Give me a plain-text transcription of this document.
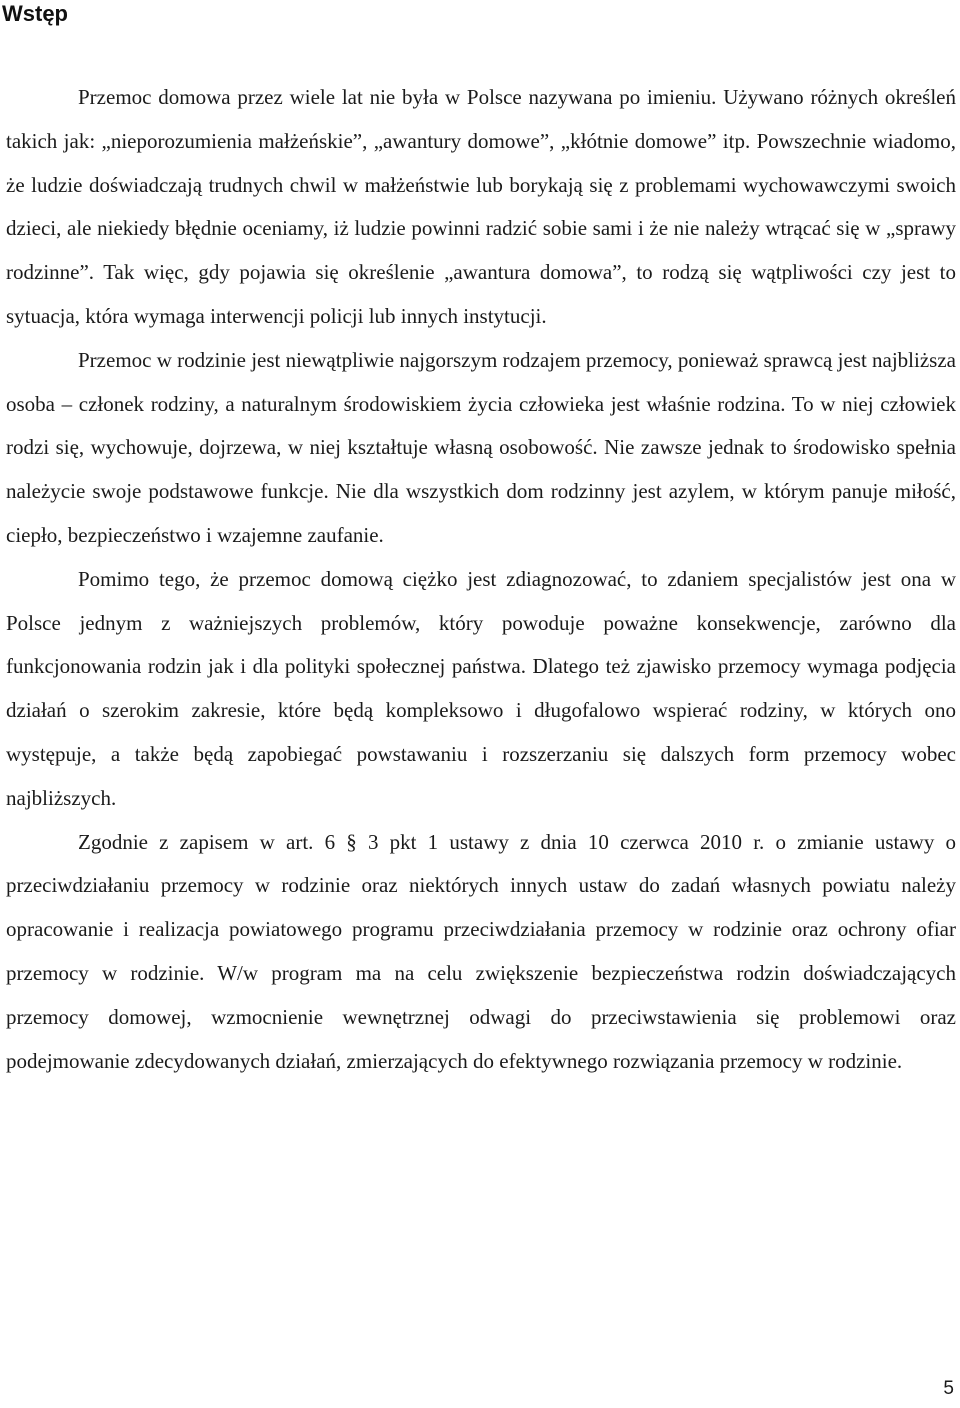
Wstęp

Przemoc domowa przez wiele lat nie była w Polsce nazywana po imieniu. Używano różnych określeń takich jak: „nieporozumienia małżeńskie”, „awantury domowe”, „kłótnie domowe” itp. Powszechnie wiadomo, że ludzie doświadczają trudnych chwil w małżeństwie lub borykają się z problemami wychowawczymi swoich dzieci, ale niekiedy błędnie oceniamy, iż ludzie powinni radzić sobie sami i że nie należy wtrącać się w „sprawy rodzinne”. Tak więc, gdy pojawia się określenie „awantura domowa”, to rodzą się wątpliwości czy jest to sytuacja, która wymaga interwencji policji lub innych instytucji.

Przemoc w rodzinie jest niewątpliwie najgorszym rodzajem przemocy, ponieważ sprawcą jest najbliższa osoba – członek rodziny, a naturalnym środowiskiem życia człowieka jest właśnie rodzina. To w niej człowiek rodzi się, wychowuje, dojrzewa, w niej kształtuje własną osobowość. Nie zawsze jednak to środowisko spełnia należycie swoje podstawowe funkcje. Nie dla wszystkich dom rodzinny jest azylem, w którym panuje miłość, ciepło, bezpieczeństwo i wzajemne zaufanie.

Pomimo tego, że przemoc domową ciężko jest zdiagnozować, to zdaniem specjalistów jest ona w Polsce jednym z ważniejszych problemów, który powoduje poważne konsekwencje, zarówno dla funkcjonowania rodzin jak i dla polityki społecznej państwa. Dlatego też zjawisko przemocy wymaga podjęcia działań o szerokim zakresie, które będą kompleksowo i długofalowo wspierać rodziny, w których ono występuje, a także będą zapobiegać powstawaniu i rozszerzaniu się dalszych form przemocy wobec najbliższych.

Zgodnie z zapisem w art. 6 § 3 pkt 1 ustawy z dnia 10 czerwca 2010 r. o zmianie ustawy o przeciwdziałaniu przemocy w rodzinie oraz niektórych innych ustaw do zadań własnych powiatu należy opracowanie i realizacja powiatowego programu przeciwdziałania przemocy w rodzinie oraz ochrony ofiar przemocy w rodzinie. W/w program ma na celu zwiększenie bezpieczeństwa rodzin doświadczających przemocy domowej, wzmocnienie wewnętrznej odwagi do przeciwstawienia się problemowi oraz podejmowanie zdecydowanych działań, zmierzających do efektywnego rozwiązania przemocy w rodzinie.

5
